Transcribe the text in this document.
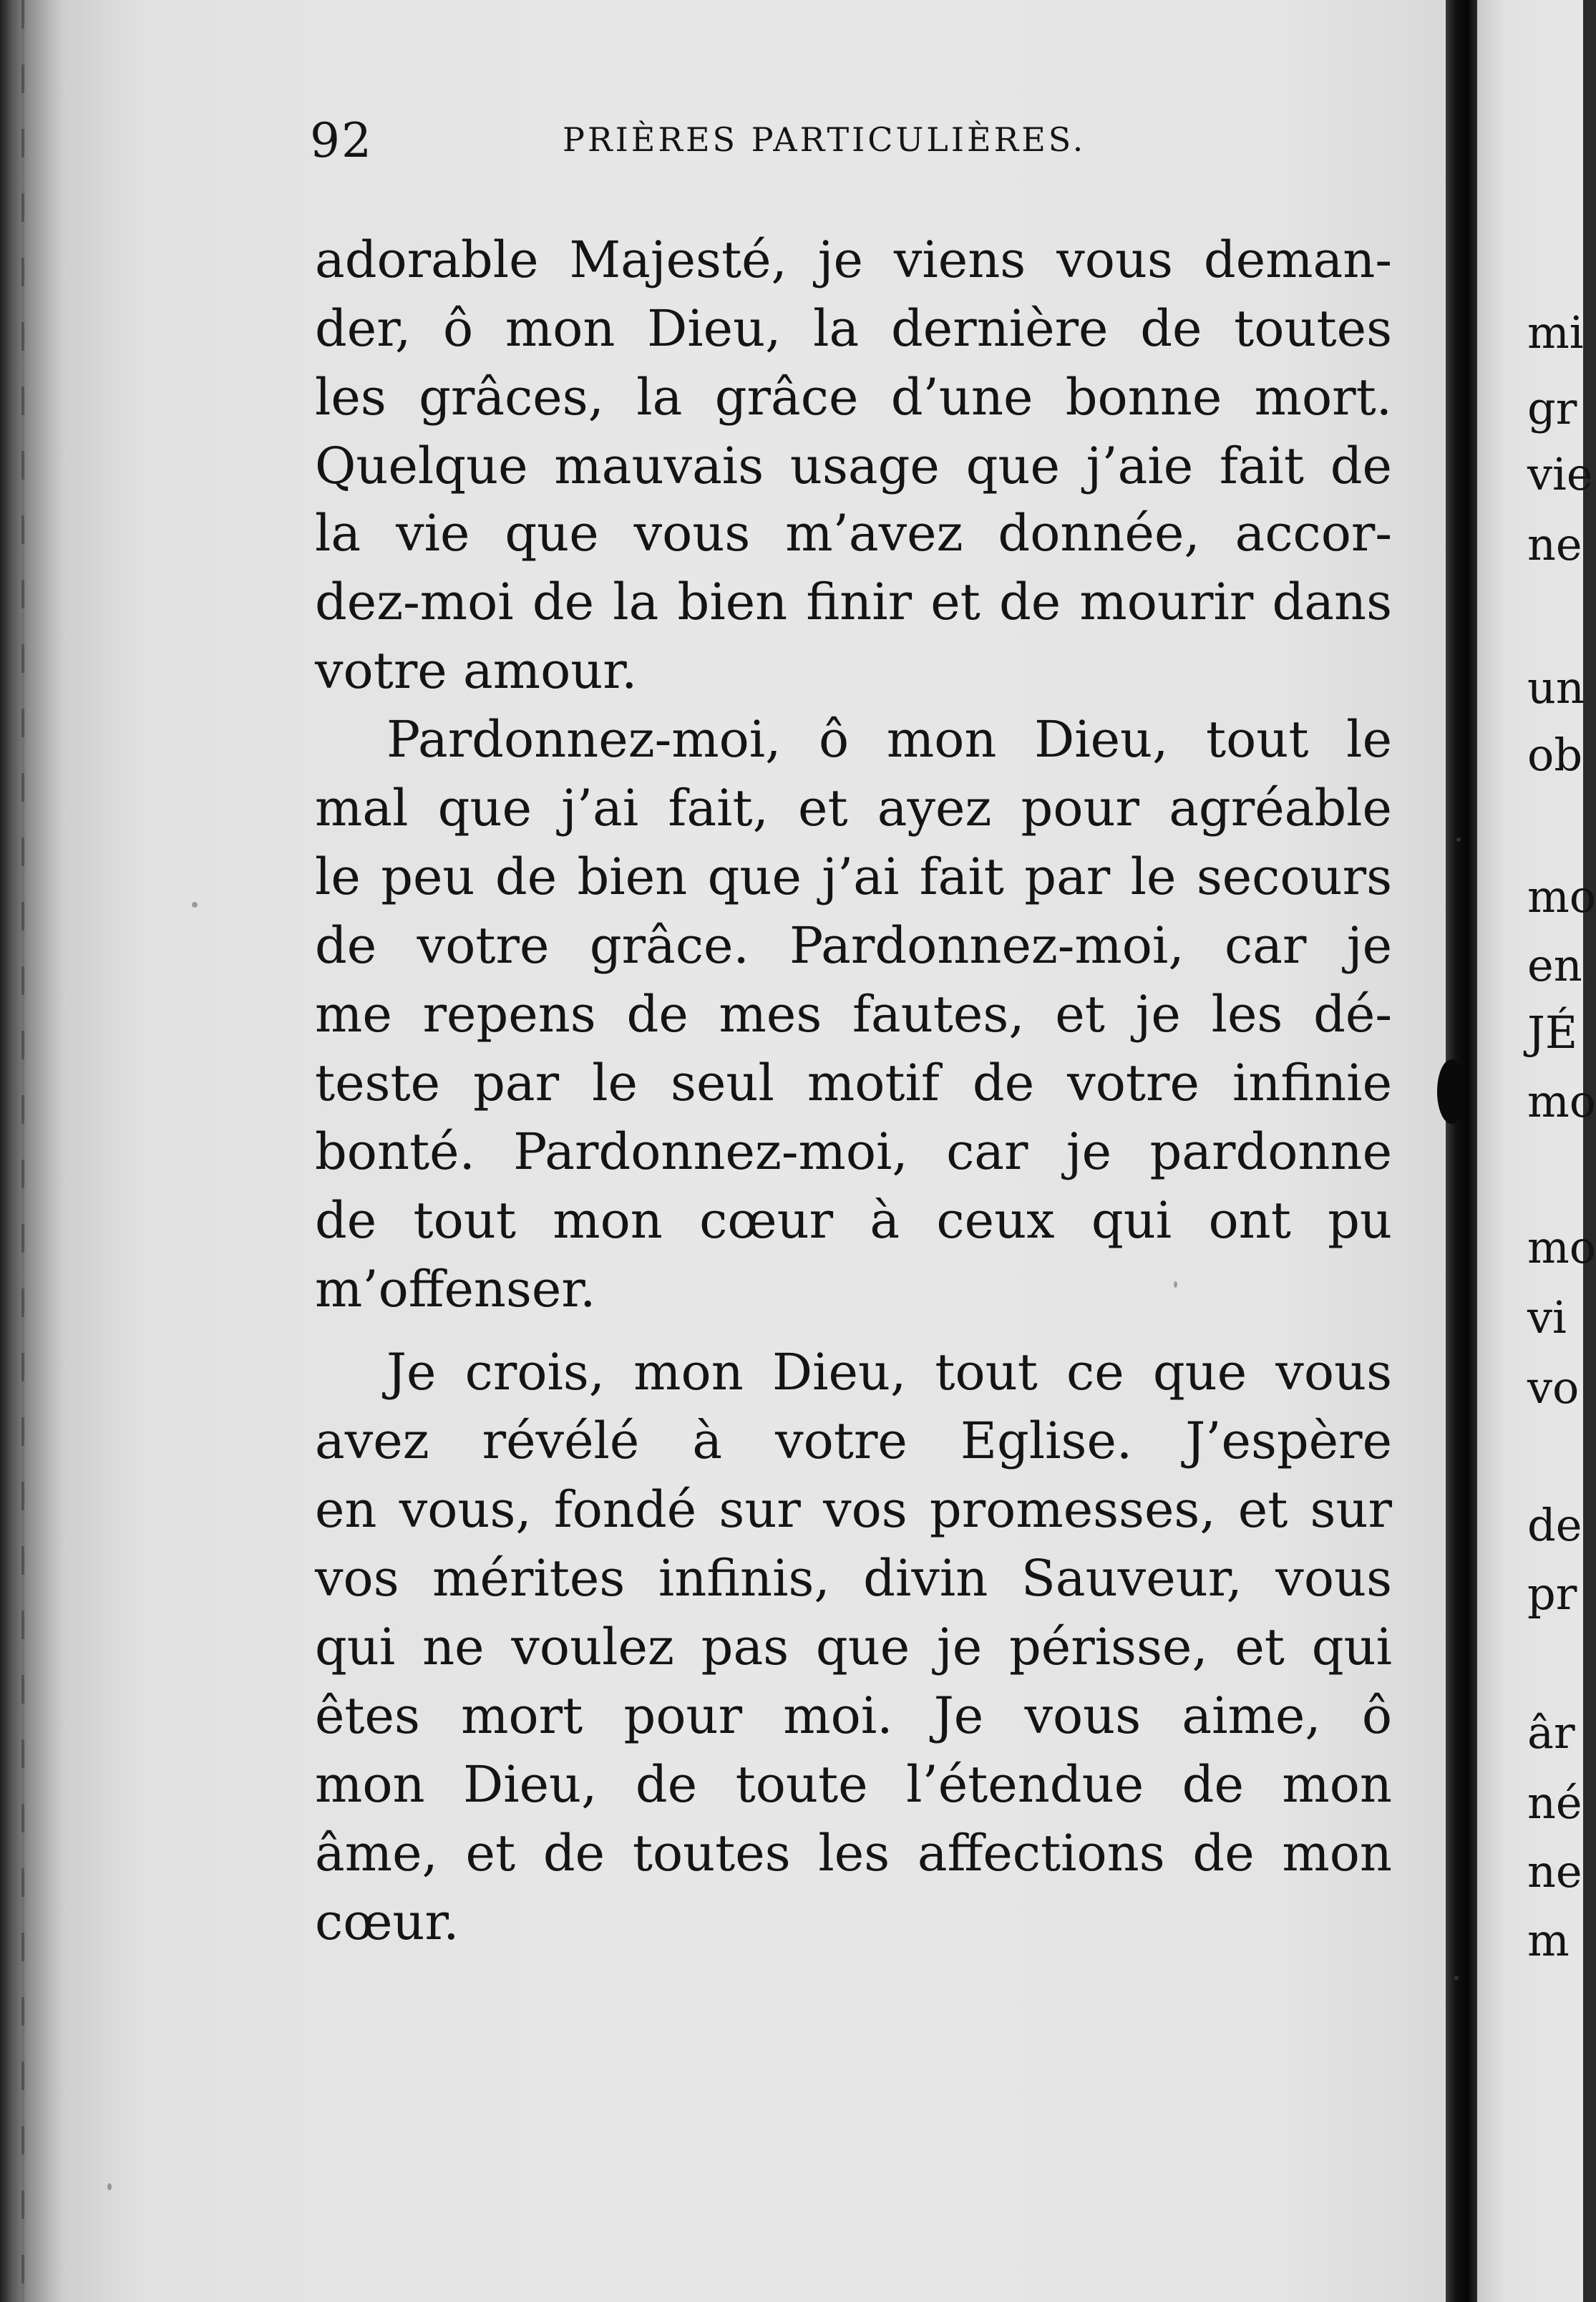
92	PRIÈRES PARTICULIÈRES.
adorable Majesté, je viens vous deman-
der, ô mon Dieu, la dernière de toutes
les grâces, la grâce d’une bonne mort.
Quelque mauvais usage que j’aie fait de
la vie que vous m’avez donnée, accor-
dez-moi de la bien finir et de mourir dans
votre amour.
Pardonnez-moi, ô mon Dieu, tout le
mal que j’ai fait, et ayez pour agréable
le peu de bien que j’ai fait par le secours
de votre grâce. Pardonnez-moi, car je
me repens de mes fautes, et je les dé-
teste par le seul motif de votre infinie
bonté. Pardonnez-moi, car je pardonne
de tout mon cœur à ceux qui ont pu
m’offenser.
Je crois, mon Dieu, tout ce que vous
avez révélé à votre Eglise. J’espère
en vous, fondé sur vos promesses, et sur
vos mérites infinis, divin Sauveur, vous
qui ne voulez pas que je périsse, et qui
êtes mort pour moi. Je vous aime, ô
mon Dieu, de toute l’étendue de mon
âme, et de toutes les affections de mon
cœur.
mi
gr
vie
ne
un
ob
mo
en
JÉ
mo
mo
vi
vo
de
pr
âr
né
ne
m
